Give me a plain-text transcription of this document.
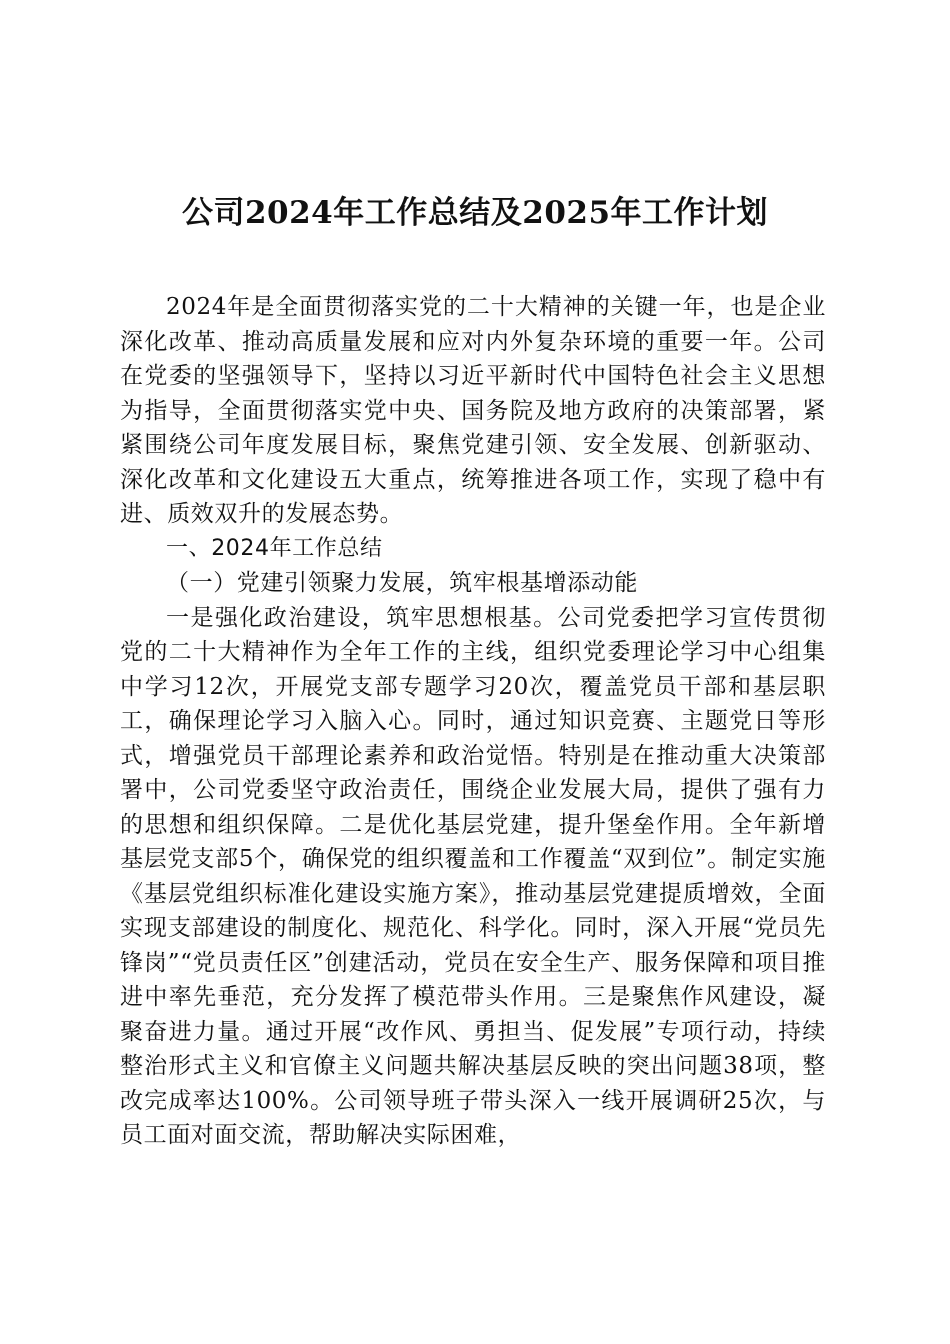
公司2024年工作总结及2025年工作计划

2024年是全面贯彻落实党的二十大精神的关键一年，也是企业深化改革、推动高质量发展和应对内外复杂环境的重要一年。公司在党委的坚强领导下，坚持以习近平新时代中国特色社会主义思想为指导，全面贯彻落实党中央、国务院及地方政府的决策部署，紧紧围绕公司年度发展目标，聚焦党建引领、安全发展、创新驱动、深化改革和文化建设五大重点，统筹推进各项工作，实现了稳中有进、质效双升的发展态势。

一、2024年工作总结

（一）党建引领聚力发展，筑牢根基增添动能

一是强化政治建设，筑牢思想根基。公司党委把学习宣传贯彻党的二十大精神作为全年工作的主线，组织党委理论学习中心组集中学习12次，开展党支部专题学习20次，覆盖党员干部和基层职工，确保理论学习入脑入心。同时，通过知识竞赛、主题党日等形式，增强党员干部理论素养和政治觉悟。特别是在推动重大决策部署中，公司党委坚守政治责任，围绕企业发展大局，提供了强有力的思想和组织保障。二是优化基层党建，提升堡垒作用。全年新增基层党支部5个，确保党的组织覆盖和工作覆盖“双到位”。制定实施《基层党组织标准化建设实施方案》，推动基层党建提质增效，全面实现支部建设的制度化、规范化、科学化。同时，深入开展“党员先锋岗”“党员责任区”创建活动，党员在安全生产、服务保障和项目推进中率先垂范，充分发挥了模范带头作用。三是聚焦作风建设，凝聚奋进力量。通过开展“改作风、勇担当、促发展”专项行动，持续整治形式主义和官僚主义问题共解决基层反映的突出问题38项，整改完成率达100%。公司领导班子带头深入一线开展调研25次，与员工面对面交流，帮助解决实际困难，
